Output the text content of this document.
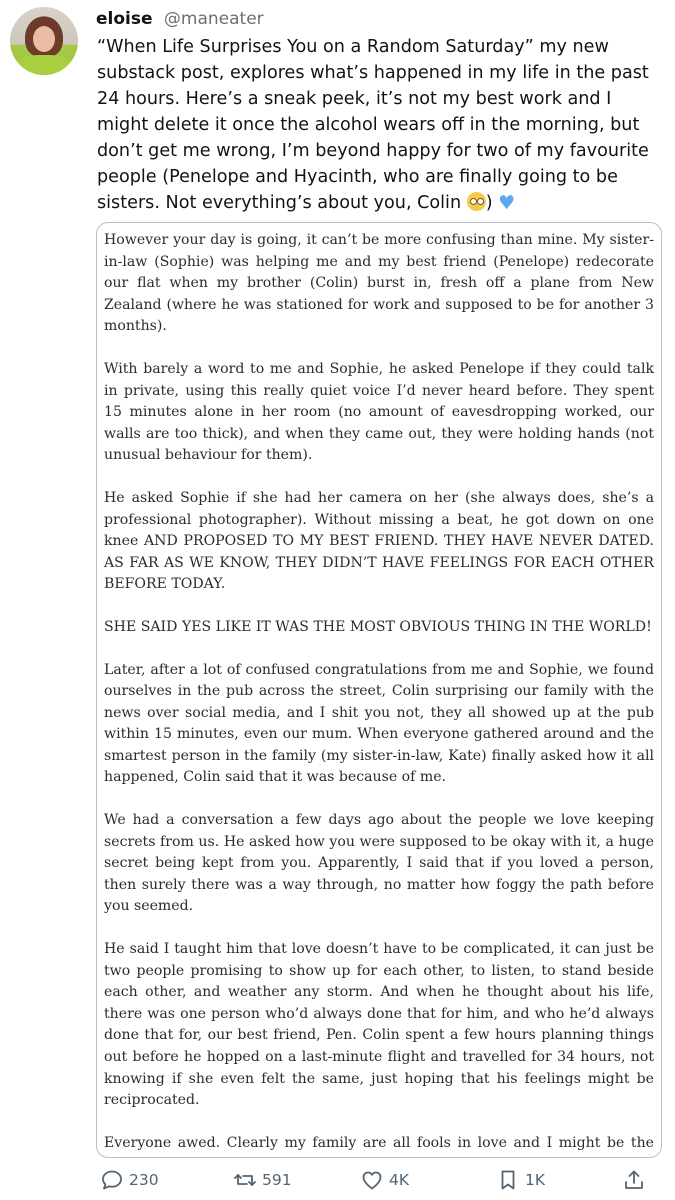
eloise @maneater
“When Life Surprises You on a Random Saturday” my new substack post, explores what’s happened in my life in the past 24 hours. Here’s a sneak peek, it’s not my best work and I might delete it once the alcohol wears off in the morning, but don’t get me wrong, I’m beyond happy for two of my favourite people (Penelope and Hyacinth, who are finally going to be sisters. Not everything’s about you, Colin ) ♥

However your day is going, it can’t be more confusing than mine. My sister-in-law (Sophie) was helping me and my best friend (Penelope) redecorate our flat when my brother (Colin) burst in, fresh off a plane from New Zealand (where he was stationed for work and supposed to be for another 3 months).

With barely a word to me and Sophie, he asked Penelope if they could talk in private, using this really quiet voice I’d never heard before. They spent 15 minutes alone in her room (no amount of eavesdropping worked, our walls are too thick), and when they came out, they were holding hands (not unusual behaviour for them).

He asked Sophie if she had her camera on her (she always does, she’s a professional photographer). Without missing a beat, he got down on one knee AND PROPOSED TO MY BEST FRIEND. THEY HAVE NEVER DATED. AS FAR AS WE KNOW, THEY DIDN’T HAVE FEELINGS FOR EACH OTHER BEFORE TODAY.

SHE SAID YES LIKE IT WAS THE MOST OBVIOUS THING IN THE WORLD!

Later, after a lot of confused congratulations from me and Sophie, we found ourselves in the pub across the street, Colin surprising our family with the news over social media, and I shit you not, they all showed up at the pub within 15 minutes, even our mum. When everyone gathered around and the smartest person in the family (my sister-in-law, Kate) finally asked how it all happened, Colin said that it was because of me.

We had a conversation a few days ago about the people we love keeping secrets from us. He asked how you were supposed to be okay with it, a huge secret being kept from you. Apparently, I said that if you loved a person, then surely there was a way through, no matter how foggy the path before you seemed.

He said I taught him that love doesn’t have to be complicated, it can just be two people promising to show up for each other, to listen, to stand beside each other, and weather any storm. And when he thought about his life, there was one person who’d always done that for him, and who he’d always done that for, our best friend, Pen. Colin spent a few hours planning things out before he hopped on a last-minute flight and travelled for 34 hours, not knowing if she even felt the same, just hoping that his feelings might be reciprocated.

Everyone awed. Clearly my family are all fools in love and I might be the

230	591	4K	1K
